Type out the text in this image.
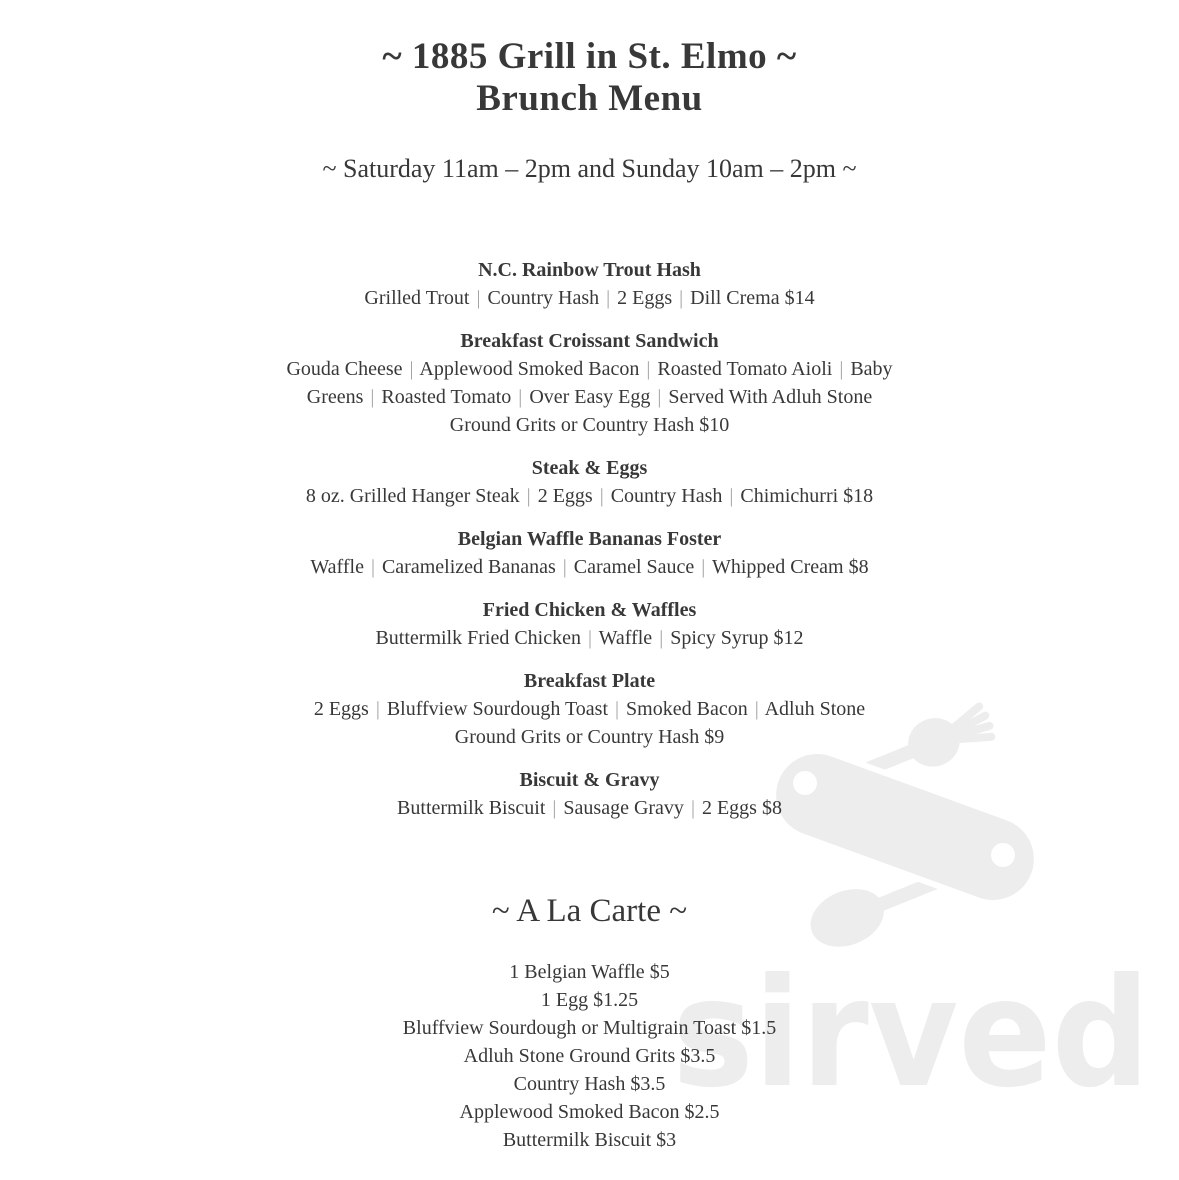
sirved
~ 1885 Grill in St. Elmo ~
Brunch Menu
~ Saturday 11am – 2pm and Sunday 10am – 2pm ~
N.C. Rainbow Trout Hash
Grilled Trout | Country Hash | 2 Eggs | Dill Crema $14
Breakfast Croissant Sandwich
Gouda Cheese | Applewood Smoked Bacon | Roasted Tomato Aioli | Baby
Greens | Roasted Tomato | Over Easy Egg | Served With Adluh Stone
Ground Grits or Country Hash $10
Steak & Eggs
8 oz. Grilled Hanger Steak | 2 Eggs | Country Hash | Chimichurri $18
Belgian Waffle Bananas Foster
Waffle | Caramelized Bananas | Caramel Sauce | Whipped Cream $8
Fried Chicken & Waffles
Buttermilk Fried Chicken | Waffle | Spicy Syrup $12
Breakfast Plate
2 Eggs | Bluffview Sourdough Toast | Smoked Bacon | Adluh Stone
Ground Grits or Country Hash $9
Biscuit & Gravy
Buttermilk Biscuit | Sausage Gravy | 2 Eggs $8
~ A La Carte ~
1 Belgian Waffle $5
1 Egg $1.25
Bluffview Sourdough or Multigrain Toast $1.5
Adluh Stone Ground Grits $3.5
Country Hash $3.5
Applewood Smoked Bacon $2.5
Buttermilk Biscuit $3
